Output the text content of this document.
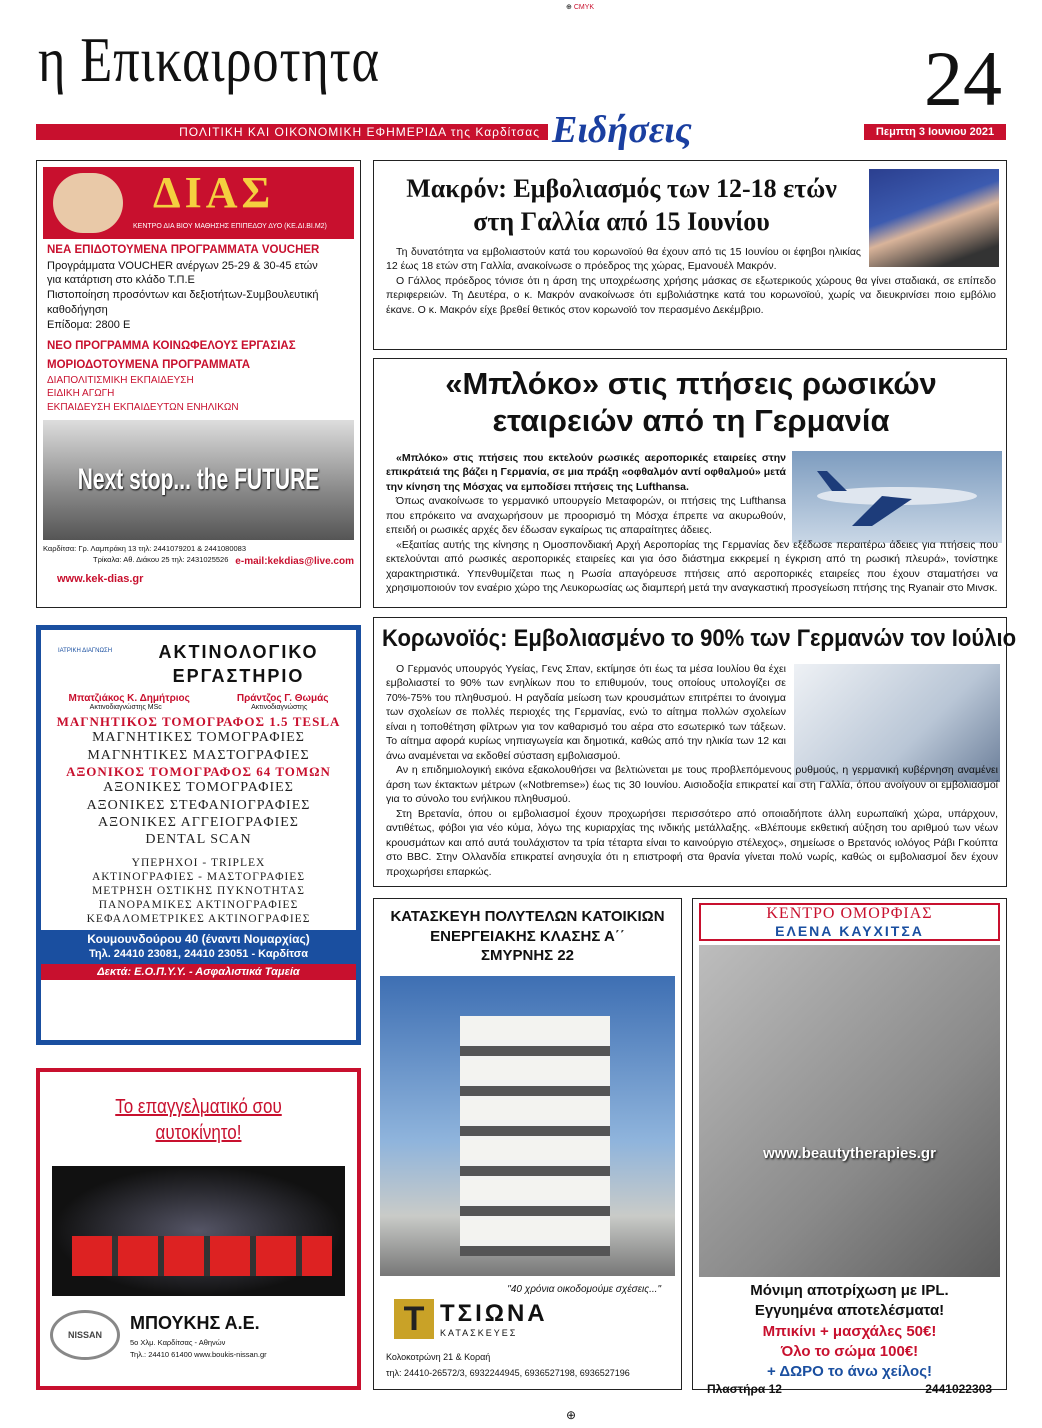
⊕ CMYK
η Επικαιροτητα	24
ΠΟΛΙΤΙΚΗ ΚΑΙ ΟΙΚΟΝΟΜΙΚΗ ΕΦΗΜΕΡΙΔΑ της Καρδίτσας Ειδήσεις	Πεμπτη 3 Ιουνιου 2021
Μακρόν: Εμβολιασμός των 12-18 ετών στη Γαλλία από 15 Ιουνίου

Τη δυνατότητα να εμβολιαστούν κατά του κορωνοϊού θα έχουν από τις 15 Ιουνίου οι έφηβοι ηλικίας 12 έως 18 ετών στη Γαλλία, ανακοίνωσε ο πρόεδρος της χώρας, Εμανουέλ Μακρόν.

Ο Γάλλος πρόεδρος τόνισε ότι η άρση της υποχρέωσης χρήσης μάσκας σε εξωτερικούς χώρους θα γίνει σταδιακά, σε επίπεδο περιφερειών. Τη Δευτέρα, ο κ. Μακρόν ανακοίνωσε ότι εμβολιάστηκε κατά του κορωνοϊού, χωρίς να διευκρινίσει ποιο εμβόλιο έκανε. Ο κ. Μακρόν είχε βρεθεί θετικός στον κορωνοϊό τον περασμένο Δεκέμβριο.

«Μπλόκο» στις πτήσεις ρωσικών εταιρειών από τη Γερμανία

«Μπλόκο» στις πτήσεις που εκτελούν ρωσικές αεροπορικές εταιρείες στην επικράτειά της βάζει η Γερμανία, σε μια πράξη «οφθαλμόν αντί οφθαλμού» μετά την κίνηση της Μόσχας να εμποδίσει πτήσεις της Lufthansa.

Όπως ανακοίνωσε το γερμανικό υπουργείο Μεταφορών, οι πτήσεις της Lufthansa που επρόκειτο να αναχωρήσουν με προορισμό τη Μόσχα έπρεπε να ακυρωθούν, επειδή οι ρωσικές αρχές δεν έδωσαν εγκαίρως τις απαραίτητες άδειες.

«Εξαιτίας αυτής της κίνησης η Ομοσπονδιακή Αρχή Αεροπορίας της Γερμανίας δεν εξέδωσε περαιτέρω άδειες για πτήσεις που εκτελούνται από ρωσικές αεροπορικές εταιρείες και για όσο διάστημα εκκρεμεί η έγκριση από τη ρωσική πλευρά», τονίστηκε χαρακτηριστικά. Υπενθυμίζεται πως η Ρωσία απαγόρευσε πτήσεις από αεροπορικές εταιρείες που έχουν σταματήσει να χρησιμοποιούν τον εναέριο χώρο της Λευκορωσίας ως διαμπερή μετά την αναγκαστική προσγείωση πτήσης της Ryanair στο Μινσκ.

Κορωνοϊός: Εμβολιασμένο το 90% των Γερμανών τον Ιούλιο

Ο Γερμανός υπουργός Υγείας, Γενς Σπαν, εκτίμησε ότι έως τα μέσα Ιουλίου θα έχει εμβολιαστεί το 90% των ενηλίκων που το επιθυμούν, τους οποίους υπολογίζει σε 70%-75% του πληθυσμού. Η ραγδαία μείωση των κρουσμάτων επιτρέπει το άνοιγμα των σχολείων σε πολλές περιοχές της Γερμανίας, ενώ το αίτημα πολλών σχολείων είναι η τοποθέτηση φίλτρων για τον καθαρισμό του αέρα στο εσωτερικό των τάξεων. Το αίτημα αφορά κυρίως νηπιαγωγεία και δημοτικά, καθώς από την ηλικία των 12 και άνω αναμένεται να εκδοθεί σύσταση εμβολιασμού.

Αν η επιδημιολογική εικόνα εξακολουθήσει να βελτιώνεται με τους προβλεπόμενους ρυθμούς, η γερμανική κυβέρνηση αναμένει άρση των έκτακτων μέτρων («Notbremse») έως τις 30 Ιουνίου. Αισιοδοξία επικρατεί και στη Γαλλία, όπου ανοίγουν οι εμβολιασμοί για το σύνολο του ενήλικου πληθυσμού.

Στη Βρετανία, όπου οι εμβολιασμοί έχουν προχωρήσει περισσότερο από οποιαδήποτε άλλη ευρωπαϊκή χώρα, υπάρχουν, αντιθέτως, φόβοι για νέο κύμα, λόγω της κυριαρχίας της ινδικής μετάλλαξης. «Βλέπουμε εκθετική αύξηση του αριθμού των νέων κρουσμάτων και από αυτά τουλάχιστον τα τρία τέταρτα είναι το καινούργιο στέλεχος», σημείωσε ο Βρετανός ιολόγος Ράβι Γκούπτα στο BBC. Στην Ολλανδία επικρατεί ανησυχία ότι η επιστροφή στα θρανία γίνεται πολύ νωρίς, καθώς οι εμβολιασμοί δεν έχουν προχωρήσει επαρκώς.

ΔΙΑΣ
ΚΕΝΤΡΟ ΔΙΑ ΒΙΟΥ ΜΑΘΗΣΗΣ ΕΠΙΠΕΔΟΥ ΔΥΟ (ΚΕ.ΔΙ.ΒΙ.Μ2)
ΝΕΑ ΕΠΙΔΟΤΟΥΜΕΝΑ ΠΡΟΓΡΑΜΜΑΤΑ VOUCHER
Προγράμματα VOUCHER ανέργων 25-29 & 30-45 ετών
για κατάρτιση στο κλάδο Τ.Π.Ε
Πιστοποίηση προσόντων και δεξιοτήτων-Συμβουλευτική καθοδήγηση
Επίδομα: 2800 Ε
ΝΕΟ ΠΡΟΓΡΑΜΜΑ ΚΟΙΝΩΦΕΛΟΥΣ ΕΡΓΑΣΙΑΣ
ΜΟΡΙΟΔΟΤΟΥΜΕΝΑ ΠΡΟΓΡΑΜΜΑΤΑ
ΔΙΑΠΟΛΙΤΙΣΜΙΚΗ ΕΚΠΑΙΔΕΥΣΗ
ΕΙΔΙΚΗ ΑΓΩΓΗ
ΕΚΠΑΙΔΕΥΣΗ ΕΚΠΑΙΔΕΥΤΩΝ ΕΝΗΛΙΚΩΝ
Next stop... the FUTURE
Καρδίτσα: Γρ. Λαμπράκη 13 τηλ: 2441079201 & 2441080083
Τρίκαλα: Αθ. Διάκου 25 τηλ: 2431025526 e-mail:kekdias@live.com
www.kek-dias.gr
ΙΑΤΡΙΚΗ ΔΙΑΓΝΩΣΗ	ΑΚΤΙΝΟΛΟΓΙΚΟ
ΕΡΓΑΣΤΗΡΙΟ
Μπατζιάκος Κ. Δημήτριος	Πράντζος Γ. Θωμάς
Ακτινοδιαγνώστης MSc	Ακτινοδιαγνώστης
ΜΑΓΝΗΤΙΚΟΣ ΤΟΜΟΓΡΑΦΟΣ 1.5 TESLA
ΜΑΓΝΗΤΙΚΕΣ ΤΟΜΟΓΡΑΦΙΕΣ
ΜΑΓΝΗΤΙΚΕΣ ΜΑΣΤΟΓΡΑΦΙΕΣ
ΑΞΟΝΙΚΟΣ ΤΟΜΟΓΡΑΦΟΣ 64 ΤΟΜΩΝ
ΑΞΟΝΙΚΕΣ ΤΟΜΟΓΡΑΦΙΕΣ
ΑΞΟΝΙΚΕΣ ΣΤΕΦΑΝΙΟΓΡΑΦΙΕΣ
ΑΞΟΝΙΚΕΣ ΑΓΓΕΙΟΓΡΑΦΙΕΣ
DENTAL SCAN
ΥΠΕΡΗΧΟΙ - TRIPLEX
ΑΚΤΙΝΟΓΡΑΦΙΕΣ - ΜΑΣΤΟΓΡΑΦΙΕΣ
ΜΕΤΡΗΣΗ ΟΣΤΙΚΗΣ ΠΥΚΝΟΤΗΤΑΣ
ΠΑΝΟΡΑΜΙΚΕΣ ΑΚΤΙΝΟΓΡΑΦΙΕΣ
ΚΕΦΑΛΟΜΕΤΡΙΚΕΣ ΑΚΤΙΝΟΓΡΑΦΙΕΣ
Κουμουνδούρου 40 (έναντι Νομαρχίας)
Τηλ. 24410 23081, 24410 23051 - Καρδίτσα
Δεκτά: Ε.Ο.Π.Υ.Υ. - Ασφαλιστικά Ταμεία
Το επαγγελματικό σου
αυτοκίνητο!
NISSAN
ΜΠΟΥΚΗΣ Α.Ε.
5ο Χλμ. Καρδίτσας - Αθηνών
Τηλ.: 24410 61400 www.boukis-nissan.gr
ΚΑΤΑΣΚΕΥΗ ΠΟΛΥΤΕΛΩΝ ΚΑΤΟΙΚΙΩΝ
ΕΝΕΡΓΕΙΑΚΗΣ ΚΛΑΣΗΣ Α΄΄
ΣΜΥΡΝΗΣ 22
"40 χρόνια οικοδομούμε σχέσεις..."
T ΤΣΙΩΝΑ
ΚΑΤΑΣΚΕΥΕΣ
Κολοκοτρώνη 21 & Κοραή
τηλ: 24410-26572/3, 6932244945, 6936527198, 6936527196
ΚΕΝΤΡΟ ΟΜΟΡΦΙΑΣ
ΕΛΕΝΑ ΚΑΥΧΙΤΣΑ
www.beautytherapies.gr
Μόνιμη αποτρίχωση με IPL.
Εγγυημένα αποτελέσματα!
Μπικίνι + μασχάλες 50€!
Όλο το σώμα 100€!
+ ΔΩΡΟ το άνω χείλος!
Πλαστήρα 12	2441022303
⊕
